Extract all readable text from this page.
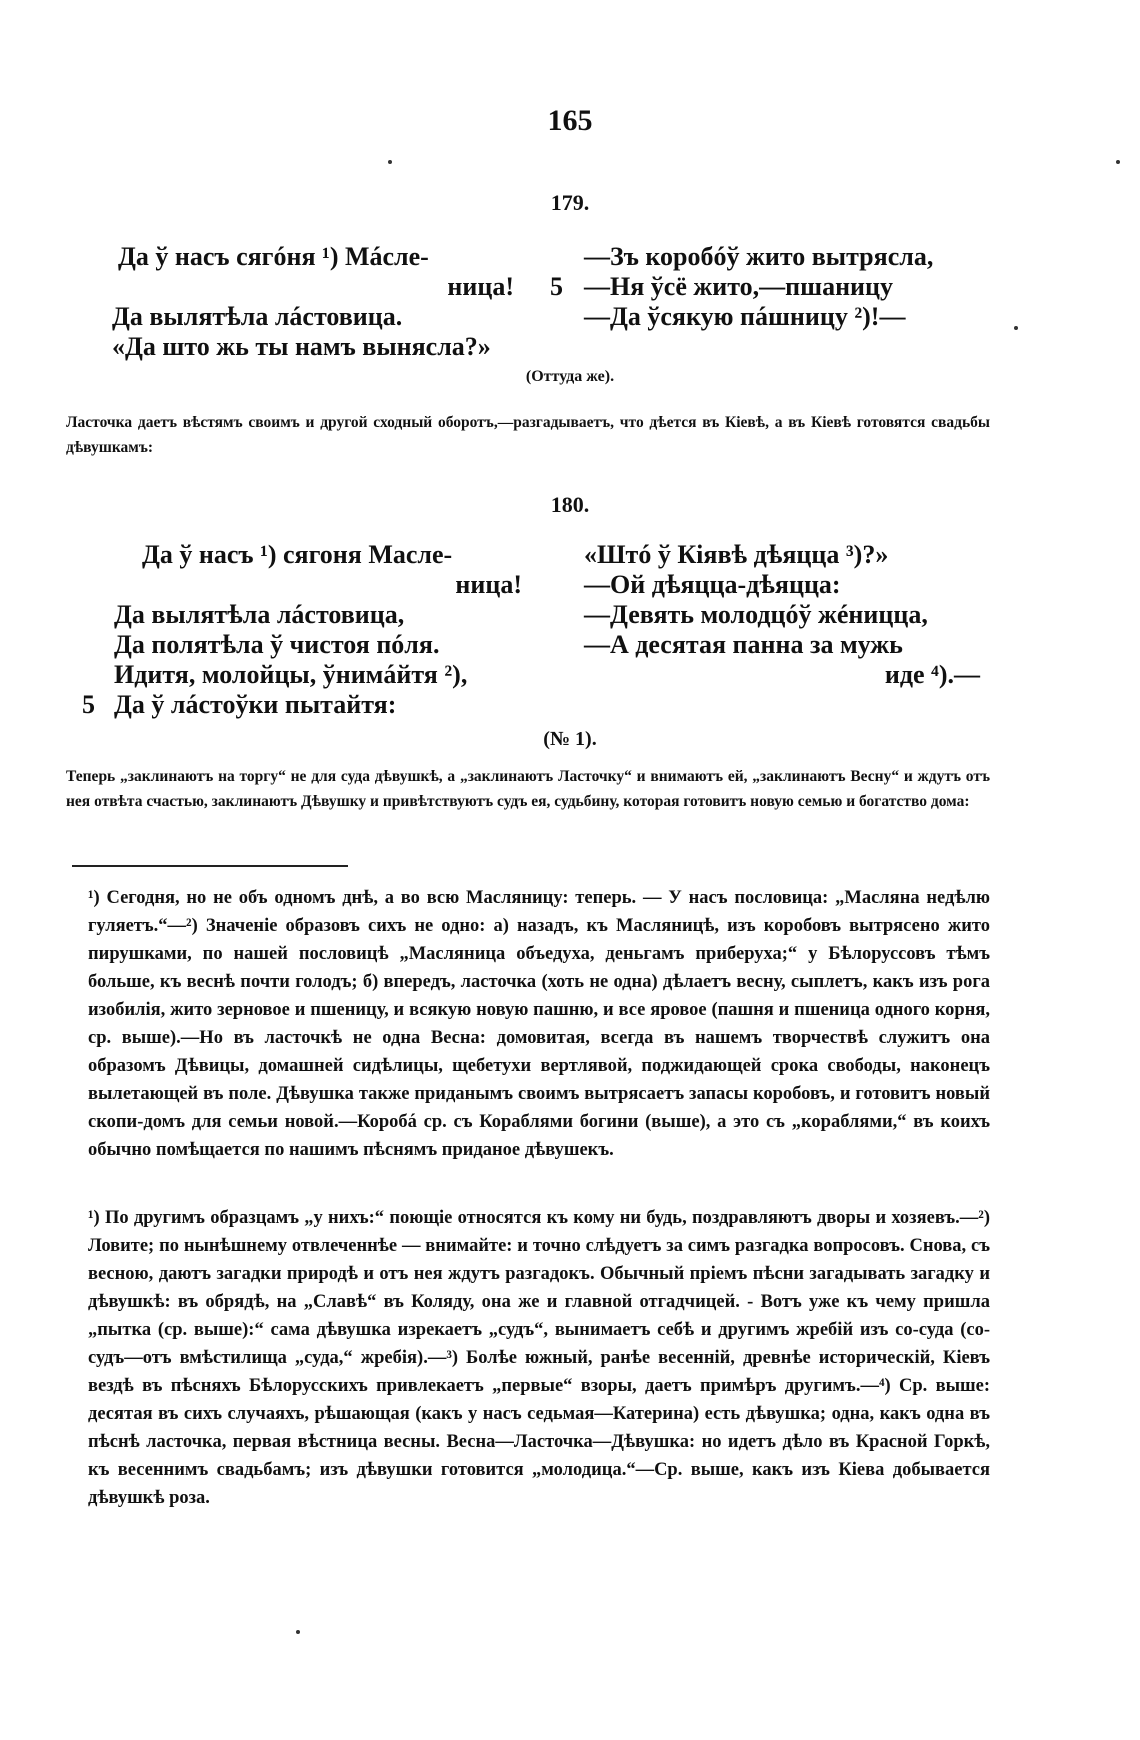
165
179.
Да ў насъ сягóня ¹) Мáсле-
ница!
Да вылятѣла лáстовица.
«Да што жь ты намъ вынясла?»
5
—Зъ коробóў жито вытрясла,
—Ня ўсё жито,—пшаницу
—Да ўсякую пáшницу ²)!—
(Оттуда же).
Ласточка даетъ вѣстямъ своимъ и другой сходный оборотъ,—разгадываетъ, что дѣется въ Кіевѣ, а въ Кіевѣ готовятся свадьбы дѣвушкамъ:
180.
Да ў насъ ¹) сягоня Масле-
ница!
Да вылятѣла лáстовица,
Да полятѣла ў чистоя пóля.
Идитя, молойцы, ўнимáйтя ²),
Да ў лáстоўки пытайтя:
5
«Штó ў Кіявѣ дѣяцца ³)?»
—Ой дѣяцца-дѣяцца:
—Девять молодцóў жéницца,
—А десятая панна за мужь
иде ⁴).—
(№ 1).
Теперь „заклинаютъ на торгу“ не для суда дѣвушкѣ, а „заклинаютъ Ласточку“ и внимаютъ ей, „заклинаютъ Весну“ и ждутъ отъ нея отвѣта счастью, заклинаютъ Дѣвушку и привѣтствуютъ судъ ея, судьбину, которая готовитъ новую семью и богатство дома:
¹) Сегодня, но не объ одномъ днѣ, а во всю Масляницу: теперь. — У насъ пословица: „Масляна недѣлю гуляетъ.“—²) Значеніе образовъ сихъ не одно: а) назадъ, къ Масляницѣ, изъ коробовъ вытрясено жито пирушками, по нашей пословицѣ „Масляница объедуха, деньгамъ приберуха;“ у Бѣлоруссовъ тѣмъ больше, къ веснѣ почти голодъ; б) впередъ, ласточка (хоть не одна) дѣлаетъ весну, сыплетъ, какъ изъ рога изобилія, жито зерновое и пшеницу, и всякую новую пашню, и все яровое (пашня и пшеница одного корня, ср. выше).—Но въ ласточкѣ не одна Весна: домовитая, всегда въ нашемъ творчествѣ служитъ она образомъ Дѣвицы, домашней сидѣлицы, щебетухи вертлявой, поджидающей срока свободы, наконецъ вылетающей въ поле. Дѣвушка также приданымъ своимъ вытрясаетъ запасы коробовъ, и готовитъ новый скопи-домъ для семьи новой.—Коробá ср. съ Кораблями богини (выше), а это съ „кораблями,“ въ коихъ обычно помѣщается по нашимъ пѣснямъ приданое дѣвушекъ.
¹) По другимъ образцамъ „у нихъ:“ поющіе относятся къ кому ни будь, поздравляютъ дворы и хозяевъ.—²) Ловите; по нынѣшнему отвлеченнѣе — внимайте: и точно слѣдуетъ за симъ разгадка вопросовъ. Снова, съ весною, даютъ загадки природѣ и отъ нея ждутъ разгадокъ. Обычный пріемъ пѣсни загадывать загадку и дѣвушкѣ: въ обрядѣ, на „Славѣ“ въ Коляду, она же и главной отгадчицей. - Вотъ уже къ чему пришла „пытка (ср. выше):“ сама дѣвушка изрекаетъ „судъ“, вынимаетъ себѣ и другимъ жребій изъ со-суда (со-судъ—отъ вмѣстилища „суда,“ жребія).—³) Болѣе южный, ранѣе весенній, древнѣе историческій, Кіевъ вездѣ въ пѣсняхъ Бѣлорусскихъ привлекаетъ „первые“ взоры, даетъ примѣръ другимъ.—⁴) Ср. выше: десятая въ сихъ случаяхъ, рѣшающая (какъ у насъ седьмая—Катерина) есть дѣвушка; одна, какъ одна въ пѣснѣ ласточка, первая вѣстница весны. Весна—Ласточка—Дѣвушка: но идетъ дѣло въ Красной Горкѣ, къ весеннимъ свадьбамъ; изъ дѣвушки готовится „молодица.“—Ср. выше, какъ изъ Кіева добывается дѣвушкѣ роза.
